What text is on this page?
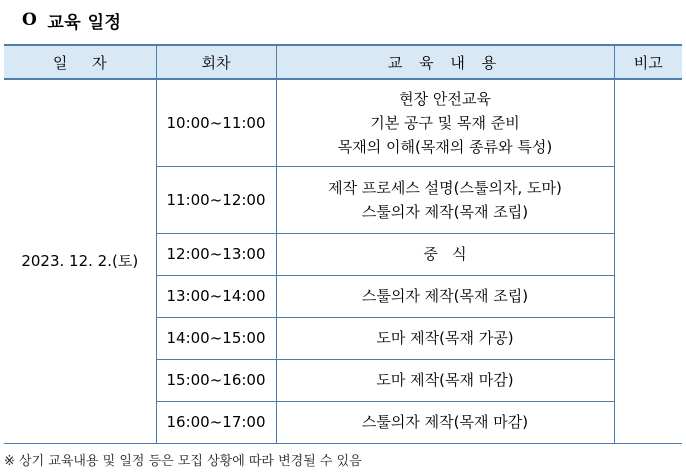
O 교육 일정
일 자	회차	교 육 내 용	비고
2023. 12. 2.(토)	10:00~11:00	현장 안전교육
기본 공구 및 목재 준비
목재의 이해(목재의 종류와 특성)	

	11:00~12:00	제작 프로세스 설명(스툴의자, 도마)
스툴의자 제작(목재 조립)	

	12:00~13:00	중   식	
	13:00~14:00	스툴의자 제작(목재 조립)	
	14:00~15:00	도마 제작(목재 가공)	
	15:00~16:00	도마 제작(목재 마감)	
	16:00~17:00	스툴의자 제작(목재 마감)	
※ 상기 교육내용 및 일정 등은 모집 상황에 따라 변경될 수 있음
